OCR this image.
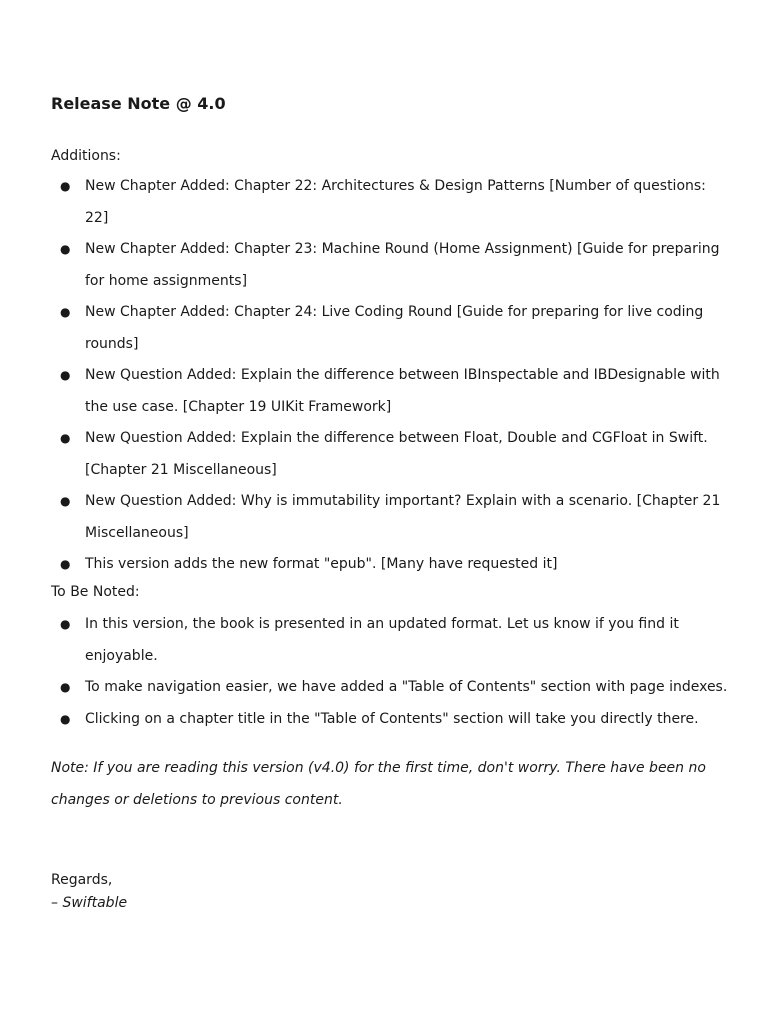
Release Note @ 4.0

Additions:

● New Chapter Added: Chapter 22: Architectures & Design Patterns [Number of questions: 22]
● New Chapter Added: Chapter 23: Machine Round (Home Assignment) [Guide for preparing for home assignments]
● New Chapter Added: Chapter 24: Live Coding Round [Guide for preparing for live coding rounds]
● New Question Added: Explain the difference between IBInspectable and IBDesignable with the use case. [Chapter 19 UIKit Framework]
● New Question Added: Explain the difference between Float, Double and CGFloat in Swift. [Chapter 21 Miscellaneous]
● New Question Added: Why is immutability important? Explain with a scenario. [Chapter 21 Miscellaneous]
● This version adds the new format "epub". [Many have requested it]

To Be Noted:

● In this version, the book is presented in an updated format. Let us know if you find it enjoyable.
● To make navigation easier, we have added a "Table of Contents" section with page indexes.
● Clicking on a chapter title in the "Table of Contents" section will take you directly there.

Note: If you are reading this version (v4.0) for the first time, don't worry. There have been no changes or deletions to previous content.

Regards,

– Swiftable
